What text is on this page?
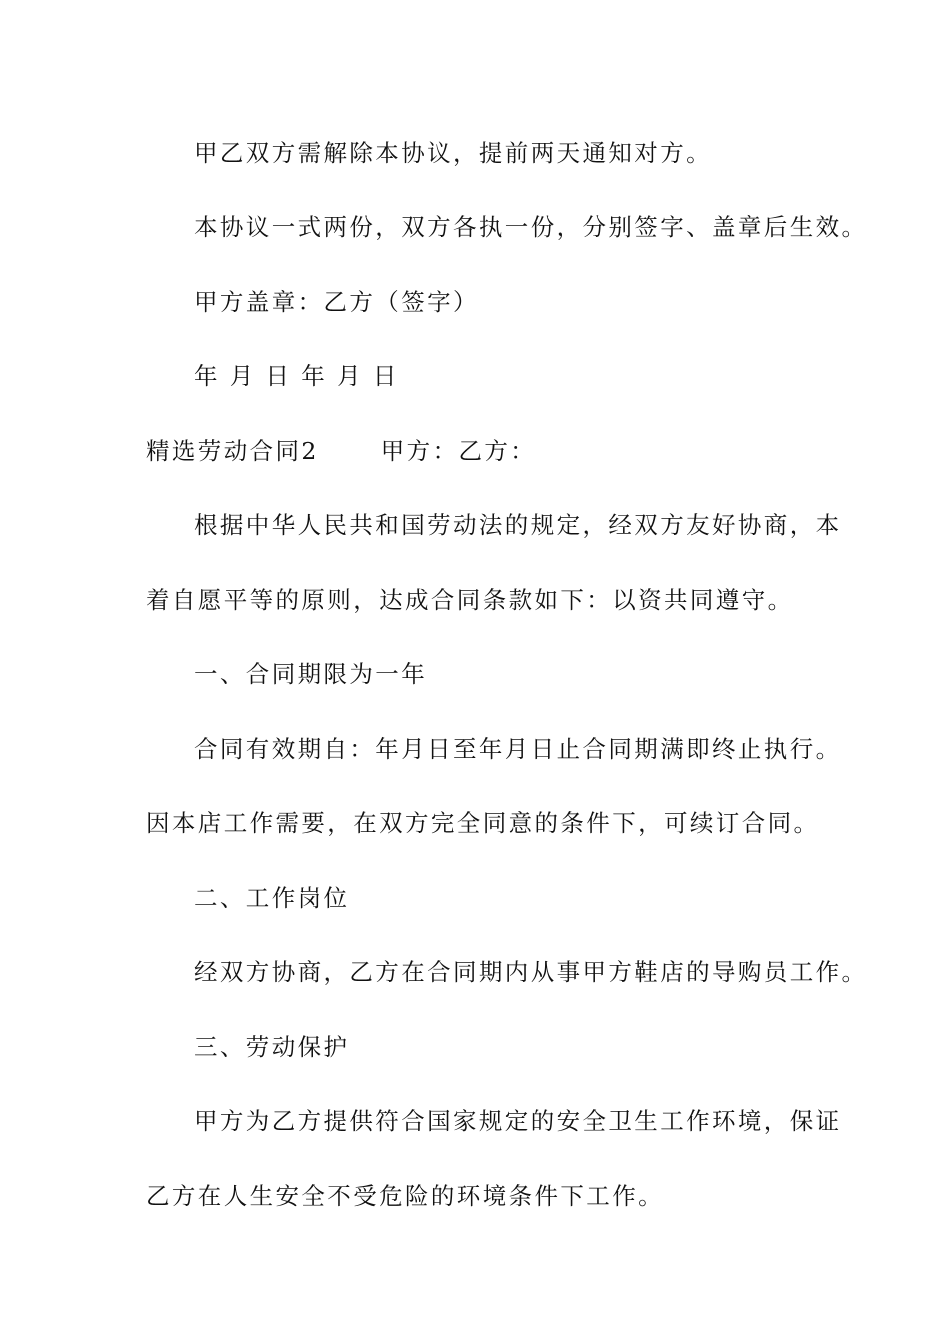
甲乙双方需解除本协议，提前两天通知对方。
本协议一式两份，双方各执一份，分别签字、盖章后生效。
甲方盖章：乙方（签字）
年 月 日 年 月 日
精选劳动合同2	甲方：乙方：
根据中华人民共和国劳动法的规定，经双方友好协商，本
着自愿平等的原则，达成合同条款如下：以资共同遵守。
一、合同期限为一年
合同有效期自：年月日至年月日止合同期满即终止执行。
因本店工作需要，在双方完全同意的条件下，可续订合同。
二、工作岗位
经双方协商，乙方在合同期内从事甲方鞋店的导购员工作。
三、劳动保护
甲方为乙方提供符合国家规定的安全卫生工作环境，保证
乙方在人生安全不受危险的环境条件下工作。
